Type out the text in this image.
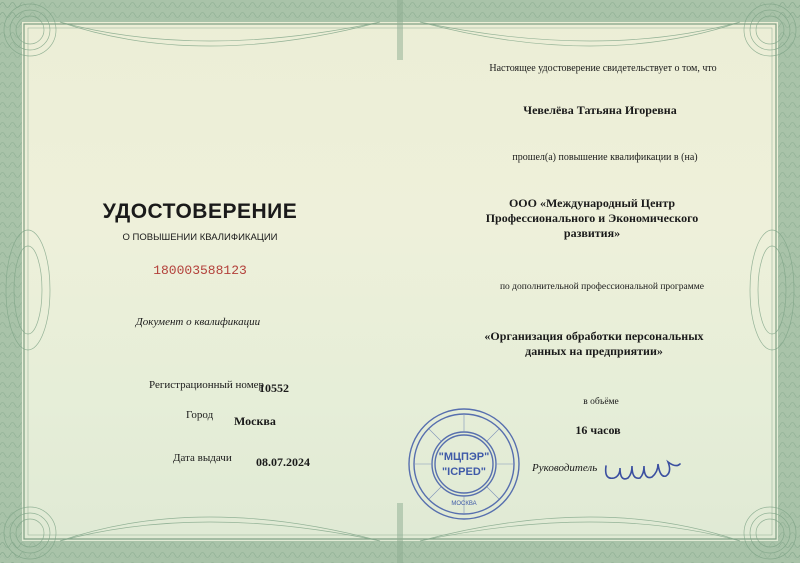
УДОСТОВЕРЕНИЕ
О ПОВЫШЕНИИ КВАЛИФИКАЦИИ
180003588123
Документ о квалификации
Регистрационный номер
10552
Город Москва
Дата выдачи 08.07.2024
Настоящее удостоверение свидетельствует о том, что
Чевелёва Татьяна Игоревна
прошел(а) повышение квалификации в (на)
ООО «Международный Центр
Профессионального и Экономического
развития»
по дополнительной профессиональной программе
«Организация обработки персональных
данных на предприятии»
в объёме
16 часов
Руководитель
"МЦПЭР"
"ICPED"
МОСКВА
